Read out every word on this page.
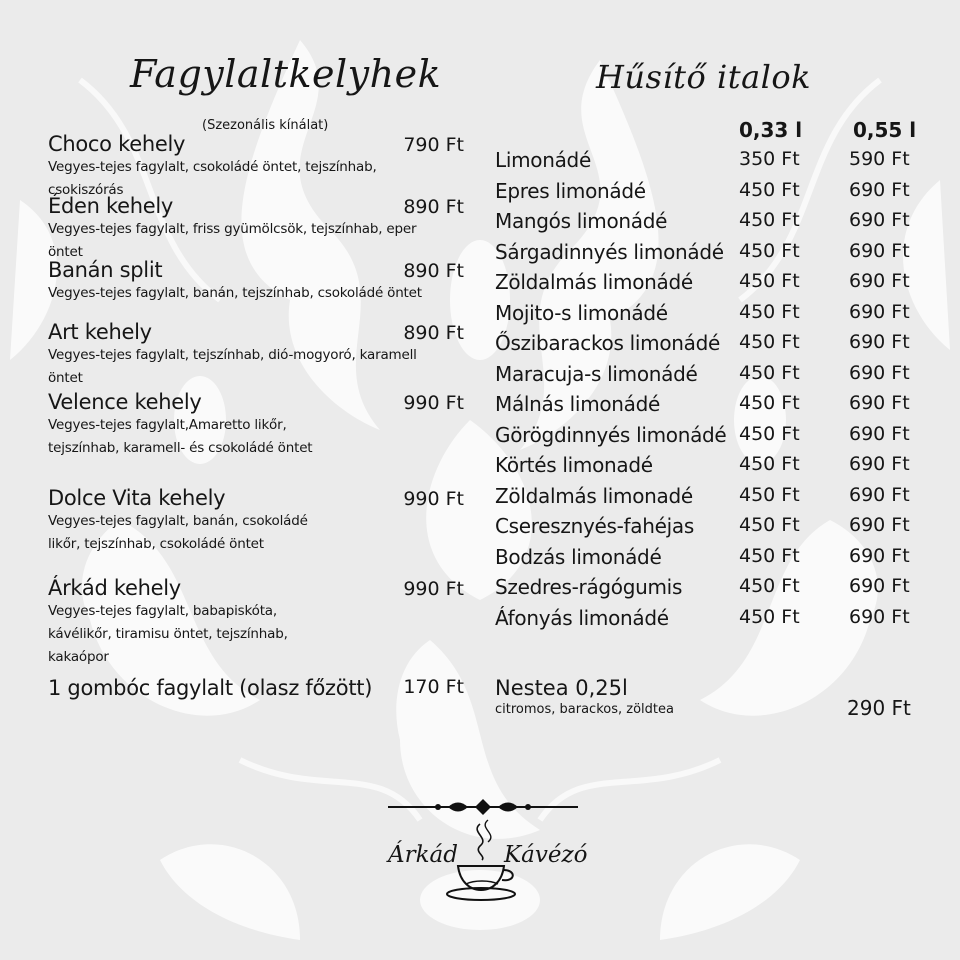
Fagylaltkelyhek	Hűsítő italok
(Szezonális kínálat)
Choco kehely	790 Ft
Vegyes-tejes fagylalt, csokoládé öntet, tejszínhab, csokiszórás
Éden kehely	890 Ft
Vegyes-tejes fagylalt, friss gyümölcsök, tejszínhab, eper öntet
Banán split	890 Ft
Vegyes-tejes fagylalt, banán, tejszínhab, csokoládé öntet
Art kehely	890 Ft
Vegyes-tejes fagylalt, tejszínhab, dió-mogyoró, karamell öntet
Velence kehely	990 Ft
Vegyes-tejes fagylalt,Amaretto likőr, tejszínhab, karamell- és csokoládé öntet
Dolce Vita kehely	990 Ft
Vegyes-tejes fagylalt, banán, csokoládé likőr, tejszínhab, csokoládé öntet
Árkád kehely	990 Ft
Vegyes-tejes fagylalt, babapiskóta, kávélikőr, tiramisu öntet, tejszínhab, kakaópor
1 gombóc fagylalt (olasz főzött) 170 Ft
0,33 l	0,55 l
Limonádé	350 Ft	590 Ft
Epres limonádé	450 Ft	690 Ft
Mangós limonádé	450 Ft	690 Ft
Sárgadinnyés limonádé 450 Ft	690 Ft
Zöldalmás limonádé 450 Ft	690 Ft
Mojito-s limonádé	450 Ft	690 Ft
Őszibarackos limonádé 450 Ft	690 Ft
Maracuja-s limonádé 450 Ft	690 Ft
Málnás limonádé	450 Ft	690 Ft
Görögdinnyés limonádé 450 Ft	690 Ft
Körtés limonadé	450 Ft	690 Ft
Zöldalmás limonadé 450 Ft	690 Ft
Cseresznyés-fahéjas 450 Ft	690 Ft
Bodzás limonádé	450 Ft	690 Ft
Szedres-rágógumis	450 Ft	690 Ft
Áfonyás limonádé	450 Ft	690 Ft
Nestea 0,25l
citromos, barackos, zöldtea	290 Ft
Árkád Kávézó
